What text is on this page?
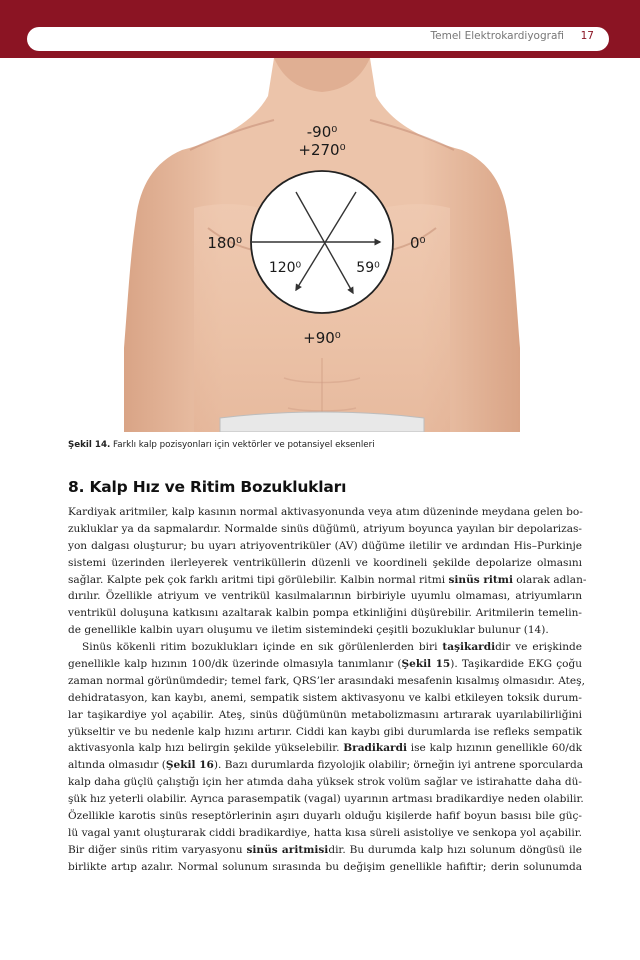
Temel Elektrokardiyografi 17
-90⁰
+270⁰
180⁰	0⁰
120⁰	59⁰
+90⁰
Şekil 14. Farklı kalp pozisyonları için vektörler ve potansiyel eksenleri
8. Kalp Hız ve Ritim Bozuklukları
Kardiyak aritmiler, kalp kasının normal aktivasyonunda veya atım düzeninde meydana gelen bo-
zukluklar ya da sapmalardır. Normalde sinüs düğümü, atriyum boyunca yayılan bir depolarizas-
yon dalgası oluşturur; bu uyarı atriyoventriküler (AV) düğüme iletilir ve ardından His–Purkinje
sistemi üzerinden ilerleyerek ventriküllerin düzenli ve koordineli şekilde depolarize olmasını
sağlar. Kalpte pek çok farklı aritmi tipi görülebilir. Kalbin normal ritmi sinüs ritmi olarak adlan-
dırılır. Özellikle atriyum ve ventrikül kasılmalarının birbiriyle uyumlu olmaması, atriyumların
ventrikül doluşuna katkısını azaltarak kalbin pompa etkinliğini düşürebilir. Aritmilerin temelin-
de genellikle kalbin uyarı oluşumu ve iletim sistemindeki çeşitli bozukluklar bulunur (14).
Sinüs kökenli ritim bozuklukları içinde en sık görülenlerden biri taşikardidir ve erişkinde
genellikle kalp hızının 100/dk üzerinde olmasıyla tanımlanır (Şekil 15). Taşikardide EKG çoğu
zaman normal görünümdedir; temel fark, QRS’ler arasındaki mesafenin kısalmış olmasıdır. Ateş,
dehidratasyon, kan kaybı, anemi, sempatik sistem aktivasyonu ve kalbi etkileyen toksik durum-
lar taşikardiye yol açabilir. Ateş, sinüs düğümünün metabolizmasını artırarak uyarılabilirliğini
yükseltir ve bu nedenle kalp hızını artırır. Ciddi kan kaybı gibi durumlarda ise refleks sempatik
aktivasyonla kalp hızı belirgin şekilde yükselebilir. Bradikardi ise kalp hızının genellikle 60/dk
altında olmasıdır (Şekil 16). Bazı durumlarda fizyolojik olabilir; örneğin iyi antrene sporcularda
kalp daha güçlü çalıştığı için her atımda daha yüksek strok volüm sağlar ve istirahatte daha dü-
şük hız yeterli olabilir. Ayrıca parasempatik (vagal) uyarının artması bradikardiye neden olabilir.
Özellikle karotis sinüs reseptörlerinin aşırı duyarlı olduğu kişilerde hafif boyun basısı bile güç-
lü vagal yanıt oluşturarak ciddi bradikardiye, hatta kısa süreli asistoliye ve senkopa yol açabilir.
Bir diğer sinüs ritim varyasyonu sinüs aritmisidir. Bu durumda kalp hızı solunum döngüsü ile
birlikte artıp azalır. Normal solunum sırasında bu değişim genellikle hafiftir; derin solunumda
